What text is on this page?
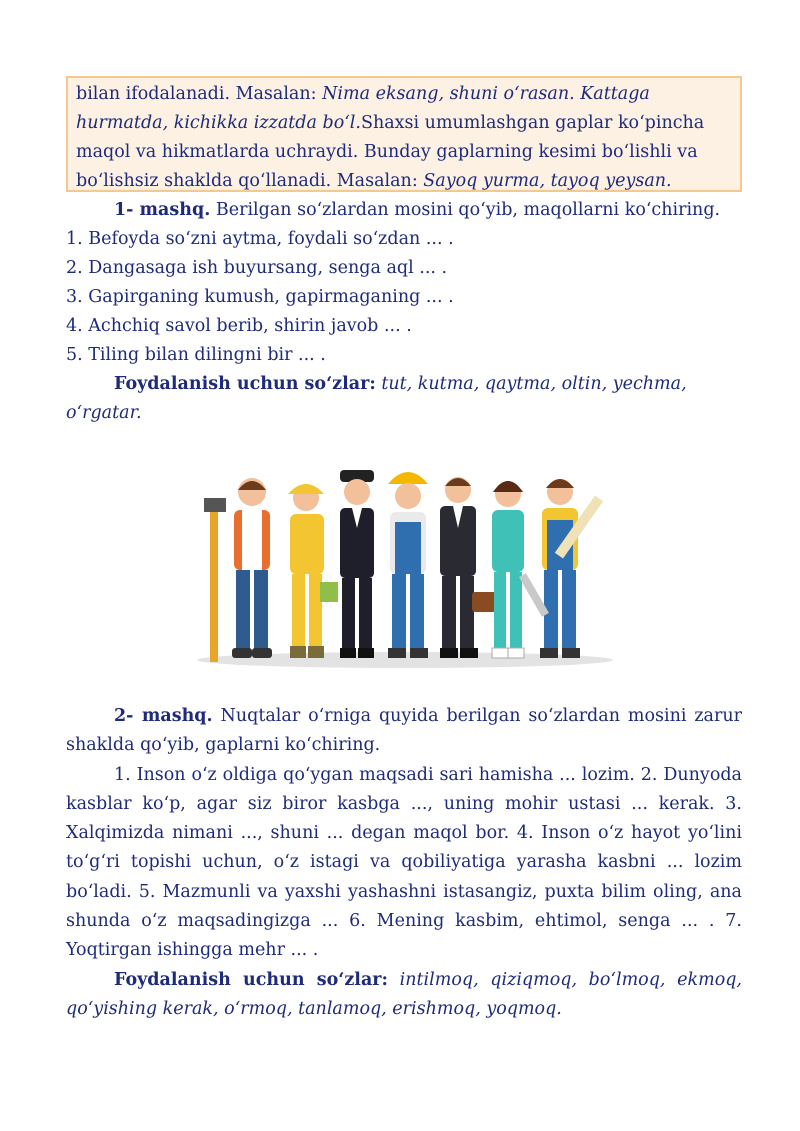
bilan ifodalanadi. Masalan: Nima eksang, shuni o‘rasan. Kattaga hurmatda, kichikka izzatda bo‘l.Shaxsi umumlashgan gaplar ko‘pincha maqol va hikmatlarda uchraydi. Bunday gaplarning kesimi bo‘lishli va bo‘lishsiz shaklda qo‘llanadi. Masalan: Sayoq yurma, tayoq yeysan.
1- mashq. Berilgan so‘zlardan mosini qo‘yib, maqollarni ko‘chiring.
1. Befoyda so‘zni aytma, foydali so‘zdan ... .
2. Dangasaga ish buyursang, senga aql ... .
3. Gapirganing kumush, gapirmaganing ... .
4. Achchiq savol berib, shirin javob ... .
5. Tiling bilan dilingni bir ... .
Foydalanish uchun so‘zlar: tut, kutma, qaytma, oltin, yechma,
o‘rgatar.

2- mashq. Nuqtalar o‘rniga quyida berilgan so‘zlardan mosini zarur shaklda qo‘yib, gaplarni ko‘chiring.

1. Inson o‘z oldiga qo‘ygan maqsadi sari hamisha ... lozim. 2. Dunyoda kasblar ko‘p, agar siz biror kasbga ..., uning mohir ustasi ... kerak. 3. Xalqimizda nimani ..., shuni ... degan maqol bor. 4. Inson o‘z hayot yo‘lini to‘g‘ri topishi uchun, o‘z istagi va qobiliyatiga yarasha kasbni ... lozim bo‘ladi. 5. Mazmunli va yaxshi yashashni istasangiz, puxta bilim oling, ana shunda o‘z maqsadingizga ... 6. Mening kasbim, ehtimol, senga ... . 7. Yoqtirgan ishingga mehr ... .

Foydalanish uchun so‘zlar: intilmoq, qiziqmoq, bo‘lmoq, ekmoq, qo‘yishing kerak, o‘rmoq, tanlamoq, erishmoq, yoqmoq.
